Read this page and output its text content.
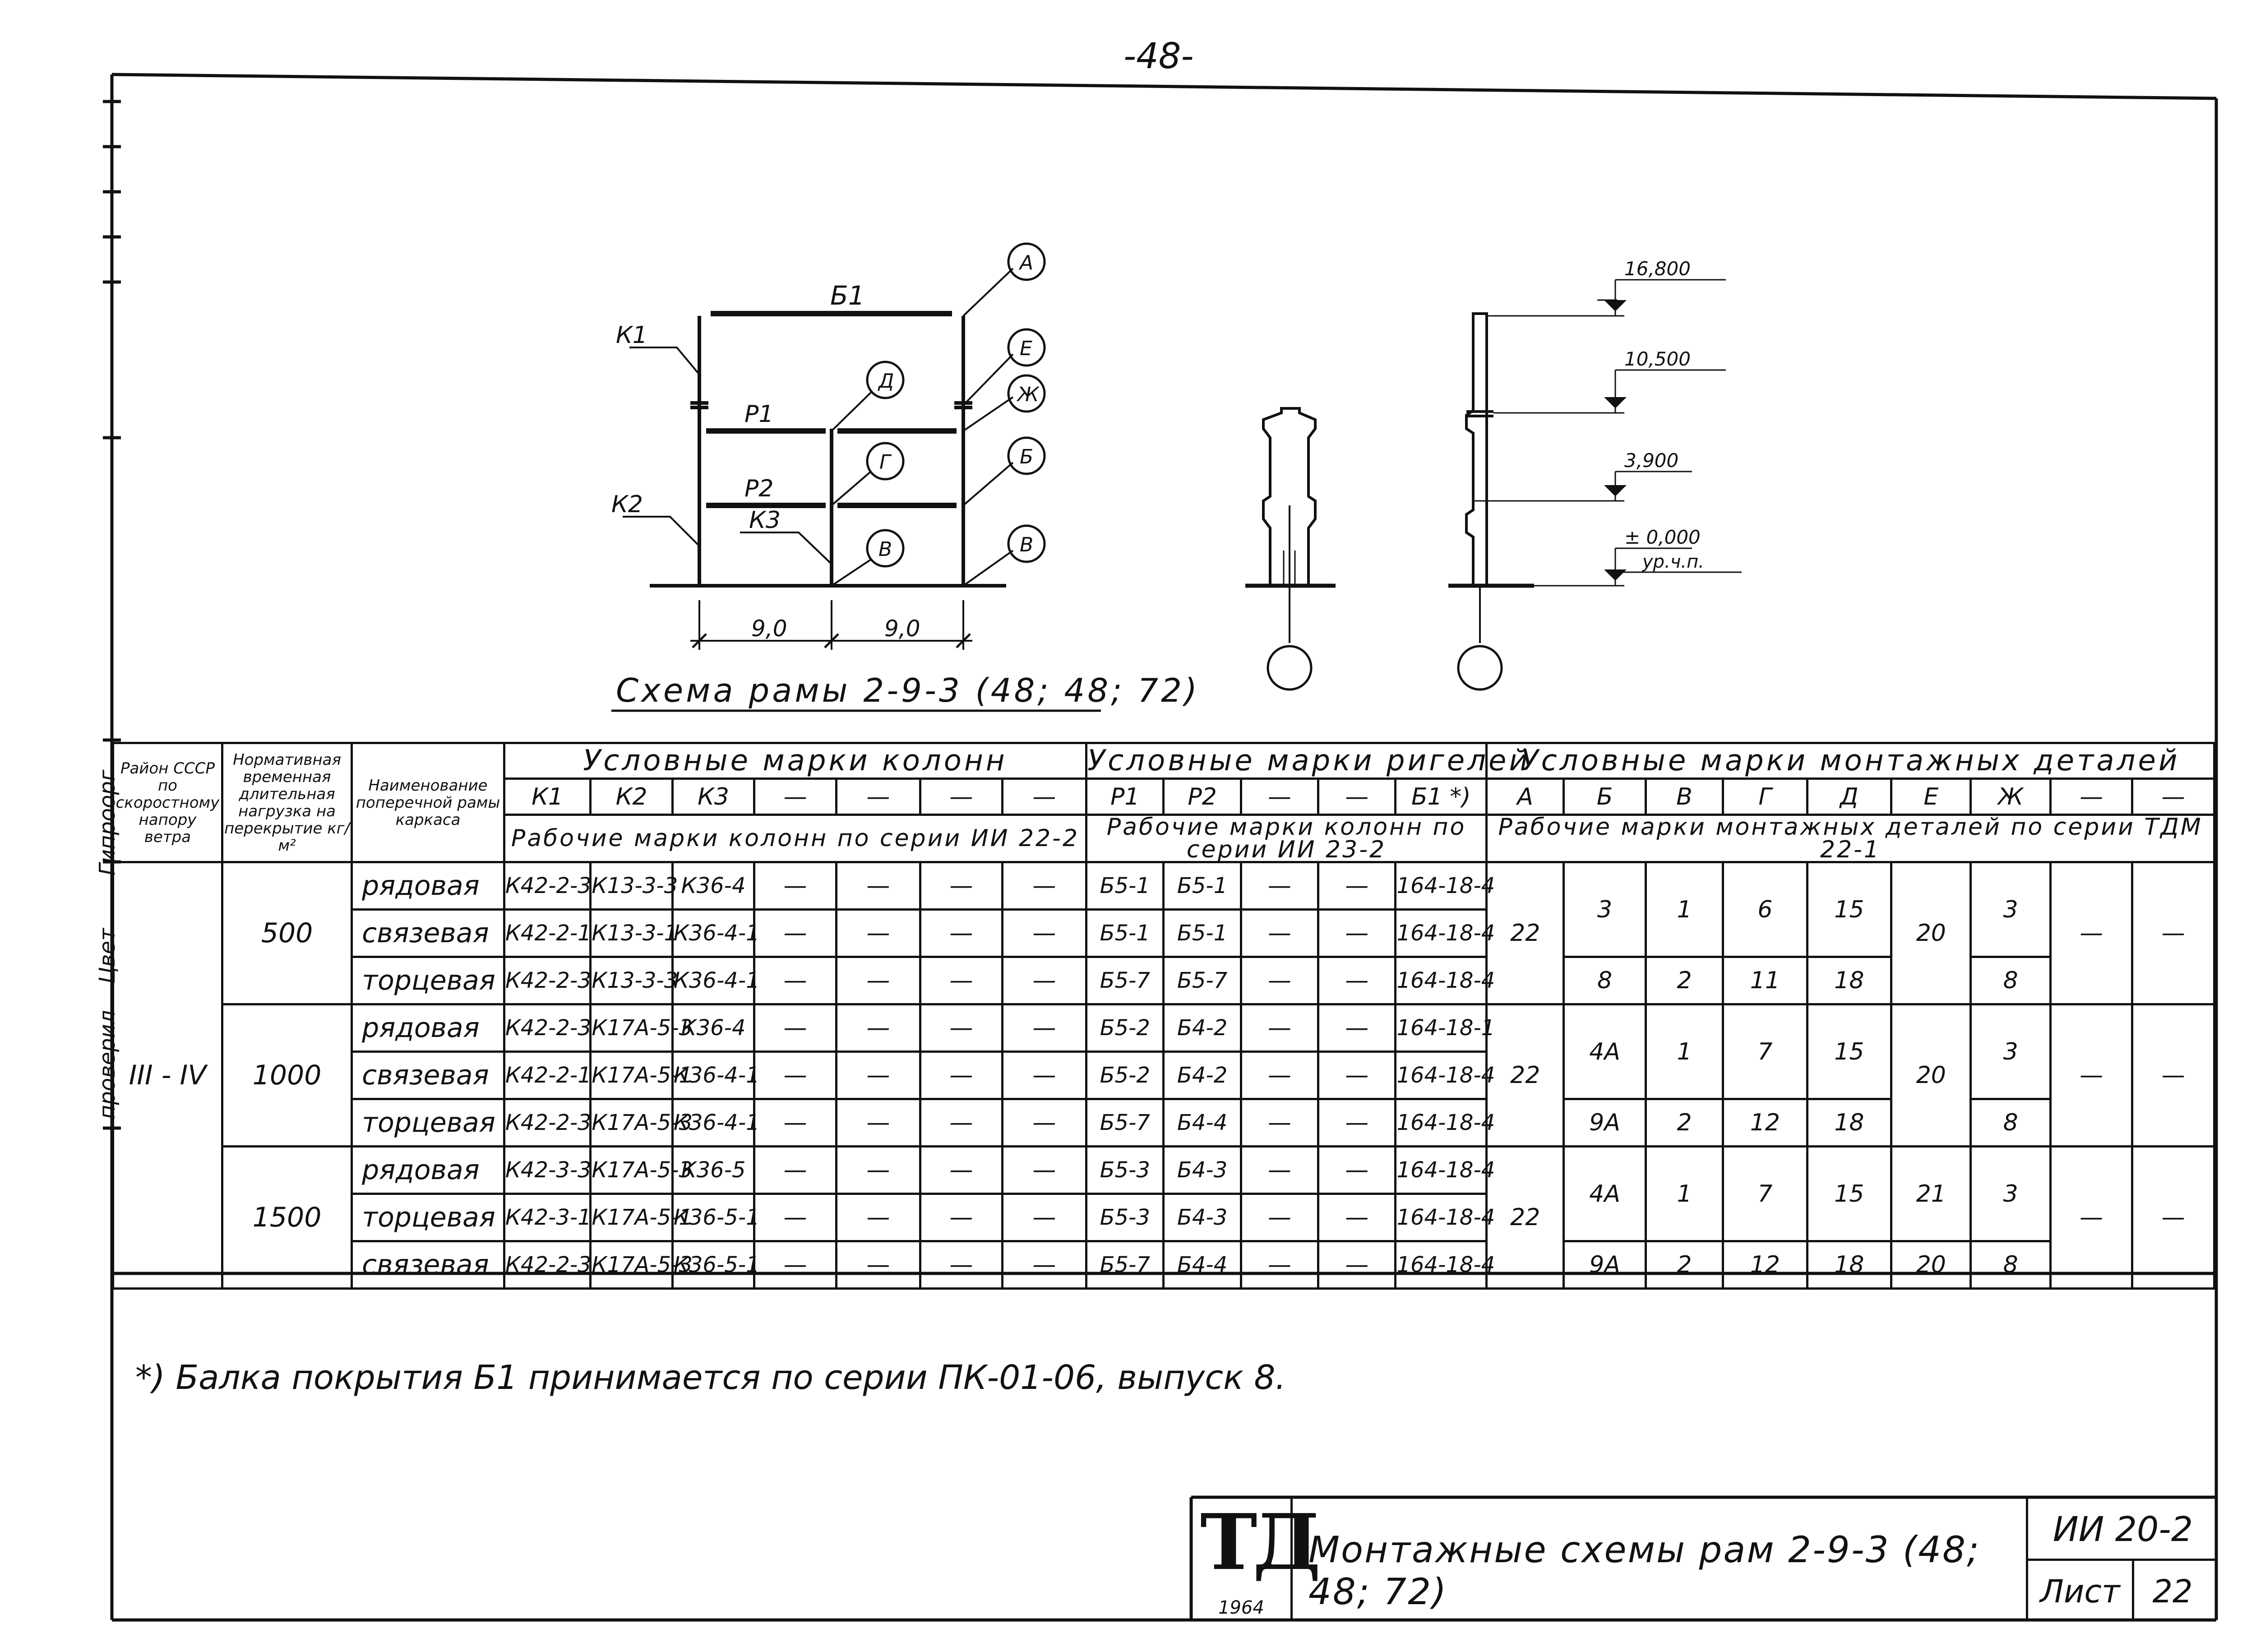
Б1
Р1
Р2
К1
К2
К3
А
Е
Ж
Б
В
Д
Г
В
9,0	9,0
Схема рамы 2-9-3 (48; 48; 72)
16,800
10,500
3,900
± 0,000
ур.ч.п.
-48-
Гипроорг
проверил
Цвет
Район СССР по скоростному напору ветра	Нормативная временная длительная нагрузка на перекрытие кг/м²	Наименование поперечной рамы каркаса	Условные марки колонн							Условные марки ригелей					Условные марки монтажных деталей								
			К1	К2	К3	—	—	—	—	Р1	Р2	—	—	Б1 *)	А	Б	В	Г	Д	Е	Ж	—	—
			Рабочие марки колонн по серии ИИ 22-2							Рабочие марки колонн по серии ИИ 23-2					Рабочие марки монтажных деталей по серии ТДМ 22-1								
III - IV	500	рядовая	К42-2-3	К13-3-3	К36-4	—	—	—	—	Б5-1	Б5-1	—	—	164-18-4	22	3	1	6	15	20	3	—	—
		связевая	К42-2-1	К13-3-1	К36-4-1	—	—	—	—	Б5-1	Б5-1	—	—	164-18-4									
		торцевая	К42-2-3	К13-3-3	К36-4-1	—	—	—	—	Б5-7	Б5-7	—	—	164-18-4		8	2	11	18		8		
	1000	рядовая	К42-2-3	К17А-5-3	К36-4	—	—	—	—	Б5-2	Б4-2	—	—	164-18-1	22	4А	1	7	15	20	3	—	—
		связевая	К42-2-1	К17А-5-1	К36-4-1	—	—	—	—	Б5-2	Б4-2	—	—	164-18-4									
		торцевая	К42-2-3	К17А-5-3	К36-4-1	—	—	—	—	Б5-7	Б4-4	—	—	164-18-4		9А	2	12	18		8		
	1500	рядовая	К42-3-3	К17А-5-3	К36-5	—	—	—	—	Б5-3	Б4-3	—	—	164-18-4	22	4А	1	7	15	21	3	—	—
		торцевая	К42-3-1	К17А-5-1	К36-5-1	—	—	—	—	Б5-3	Б4-3	—	—	164-18-4									
		связевая	К42-2-3	К17А-5-3	К36-5-1	—	—	—	—	Б5-7	Б4-4	—	—	164-18-4		9А	2	12	18	20	8		
*) Балка покрытия Б1 принимается по серии ПК-01-06, выпуск 8.
ТД
1964
Монтажные схемы рам 2-9-3 (48; 48; 72)
ИИ 20-2
Лист	22
